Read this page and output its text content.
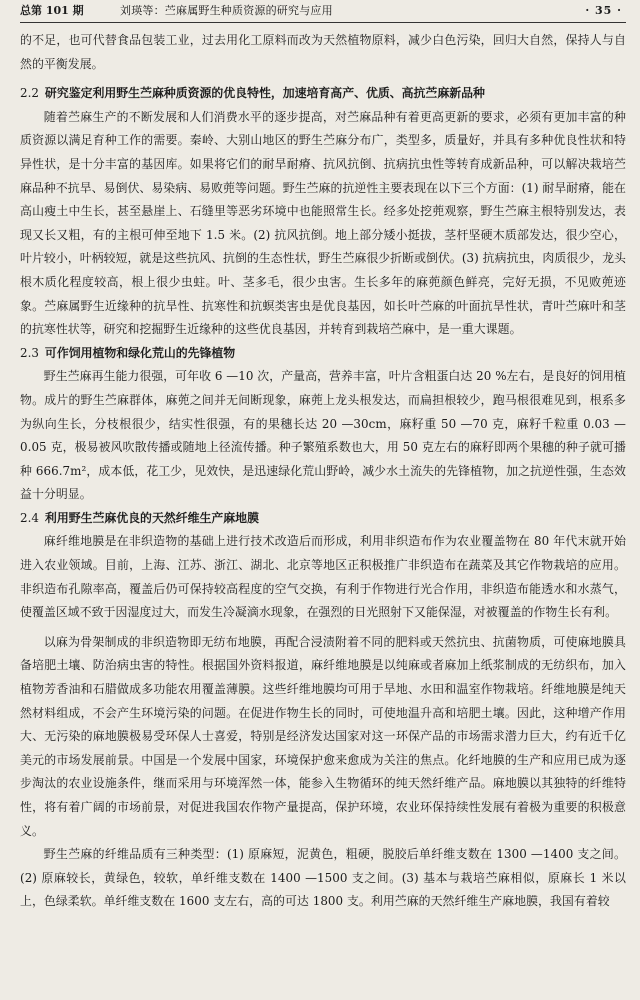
总第 101 期	刘瑛等：苎麻属野生种质资源的研究与应用	· 35 ·

的不足，也可代替食品包装工业，过去用化工原料而改为天然植物原料，减少白色污染，回归大自然，保持人与自然的平衡发展。

2.2 研究鉴定利用野生苎麻种质资源的优良特性，加速培育高产、优质、高抗苎麻新品种

随着苎麻生产的不断发展和人们消费水平的逐步提高，对苎麻品种有着更高更新的要求，必须有更加丰富的种质资源以满足育种工作的需要。秦岭、大别山地区的野生苎麻分布广，类型多，质量好，并具有多种优良性状和特异性状，是十分丰富的基因库。如果将它们的耐旱耐瘠、抗风抗倒、抗病抗虫性等转育成新品种，可以解决栽培苎麻品种不抗旱、易倒伏、易染病、易败蔸等问题。野生苎麻的抗逆性主要表现在以下三个方面：(1) 耐旱耐瘠，能在高山瘦土中生长，甚至悬崖上、石缝里等恶劣环境中也能照常生长。经多处挖蔸观察，野生苎麻主根特别发达，表现又长又粗，有的主根可伸至地下 1.5 米。(2) 抗风抗倒。地上部分矮小挺拔，茎杆坚硬木质部发达，很少空心，叶片较小，叶柄较短，就是这些抗风、抗倒的生态性状，野生苎麻很少折断或倒伏。(3) 抗病抗虫，肉质很少，龙头根木质化程度较高，根上很少虫蛀。叶、茎多毛，很少虫害。生长多年的麻蔸颜色鲜亮，完好无损，不见败蔸迹象。苎麻属野生近缘种的抗旱性、抗寒性和抗螟类害虫是优良基因，如长叶苎麻的叶面抗旱性状，青叶苎麻叶和茎的抗寒性状等，研究和挖掘野生近缘种的这些优良基因，并转育到栽培苎麻中，是一重大课题。

2.3 可作饲用植物和绿化荒山的先锋植物

野生苎麻再生能力很强，可年收 6 —10 次，产量高，营养丰富，叶片含粗蛋白达 20 %左右，是良好的饲用植物。成片的野生苎麻群体，麻蔸之间并无间断现象，麻蔸上龙头根发达，而扁担根较少，跑马根很难见到，根系多为纵向生长，分枝根很少，结实性很强，有的果穗长达 20 —30cm，麻籽重 50 —70 克，麻籽千粒重 0.03 —0.05 克，极易被风吹散传播或随地上径流传播。种子繁殖系数也大，用 50 克左右的麻籽即两个果穗的种子就可播种 666.7m²，成本低，花工少，见效快，是迅速绿化荒山野岭，减少水土流失的先锋植物，加之抗逆性强，生态效益十分明显。

2.4 利用野生苎麻优良的天然纤维生产麻地膜

麻纤维地膜是在非织造物的基础上进行技术改造后而形成，利用非织造布作为农业覆盖物在 80 年代末就开始进入农业领域。目前，上海、江苏、浙江、湖北、北京等地区正积极推广非织造布在蔬菜及其它作物栽培的应用。非织造布孔隙率高，覆盖后仍可保持较高程度的空气交换，有利于作物进行光合作用，非织造布能透水和水蒸气，使覆盖区域不致于因湿度过大，而发生冷凝滴水现象，在强烈的日光照射下又能保湿，对被覆盖的作物生长有利。

以麻为骨架制成的非织造物即无纺布地膜，再配合浸渍附着不同的肥料或天然抗虫、抗菌物质，可使麻地膜具备培肥土壤、防治病虫害的特性。根据国外资料报道，麻纤维地膜是以纯麻或者麻加上纸浆制成的无纺织布，加入植物芳香油和石腊做成多功能农用覆盖薄膜。这些纤维地膜均可用于旱地、水田和温室作物栽培。纤维地膜是纯天然材料组成，不会产生环境污染的问题。在促进作物生长的同时，可使地温升高和培肥土壤。因此，这种增产作用大、无污染的麻地膜极易受环保人士喜爱，特别是经济发达国家对这一环保产品的市场需求潜力巨大，约有近千亿美元的市场发展前景。中国是一个发展中国家，环境保护愈来愈成为关注的焦点。化纤地膜的生产和应用已成为逐步淘汰的农业设施条件，继而采用与环境浑然一体，能参入生物循环的纯天然纤维产品。麻地膜以其独特的纤维特性，将有着广阔的市场前景，对促进我国农作物产量提高，保护环境，农业环保持续性发展有着极为重要的积极意义。

野生苎麻的纤维品质有三种类型：(1) 原麻短，泥黄色，粗硬，脱胶后单纤维支数在 1300 —1400 支之间。(2) 原麻较长，黄绿色，较软，单纤维支数在 1400 —1500 支之间。(3) 基本与栽培苎麻相似，原麻长 1 米以上，色绿柔软。单纤维支数在 1600 支左右，高的可达 1800 支。利用苎麻的天然纤维生产麻地膜，我国有着较
